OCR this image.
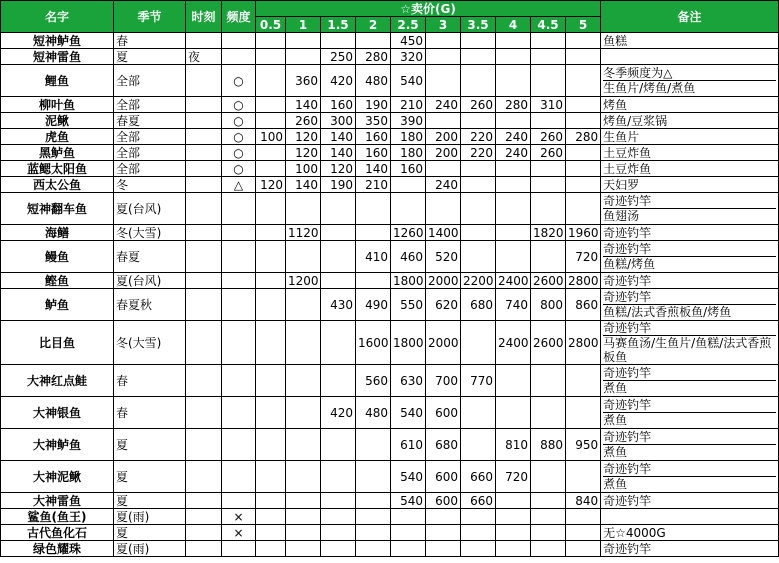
名字	季节	时刻	频度	☆卖价(G)										备注
				0.5	1	1.5	2	2.5	3	3.5	4	4.5	5	
短神鲈鱼	春							450						鱼糕

短神雷鱼	夏	夜				250	280	320						

鲤鱼	全部		○		360	420	480	540						冬季频度为△
生鱼片/烤鱼/煮鱼

柳叶鱼	全部		○		140	160	190	210	240	260	280	310		烤鱼

泥鳅	春夏		○		260	300	350	390						烤鱼/豆浆锅

虎鱼	全部		○	100	120	140	160	180	200	220	240	260	280	生鱼片

黑鲈鱼	全部		○		120	140	160	180	200	220	240	260		土豆炸鱼

蓝鳃太阳鱼	全部		○		100	120	140	160						土豆炸鱼

西太公鱼	冬		△	120	140	190	210		240					天妇罗

短神翻车鱼	夏(台风)													奇迹钓竿
鱼翅汤

海鳝	冬(大雪)				1120			1260	1400			1820	1960	奇迹钓竿

鳗鱼	春夏						410	460	520				720	奇迹钓竿
鱼糕/烤鱼

鲣鱼	夏(台风)				1200			1800	2000	2200	2400	2600	2800	奇迹钓竿

鲈鱼	春夏秋					430	490	550	620	680	740	800	860	奇迹钓竿
鱼糕/法式香煎板鱼/烤鱼

比目鱼	冬(大雪)						1600	1800	2000		2400	2600	2800	奇迹钓竿
马赛鱼汤/生鱼片/鱼糕/法式香煎板鱼

大神红点鲑	春						560	630	700	770				奇迹钓竿
煮鱼

大神银鱼	春					420	480	540	600					奇迹钓竿
煮鱼

大神鲈鱼	夏							610	680		810	880	950	奇迹钓竿
煮鱼

大神泥鳅	夏							540	600	660	720			奇迹钓竿
煮鱼

大神雷鱼	夏							540	600	660			840	奇迹钓竿

鲨鱼(鱼王)	夏(雨)		×											

古代鱼化石	夏		×											无☆4000G

绿色耀珠	夏(雨)													奇迹钓竿
